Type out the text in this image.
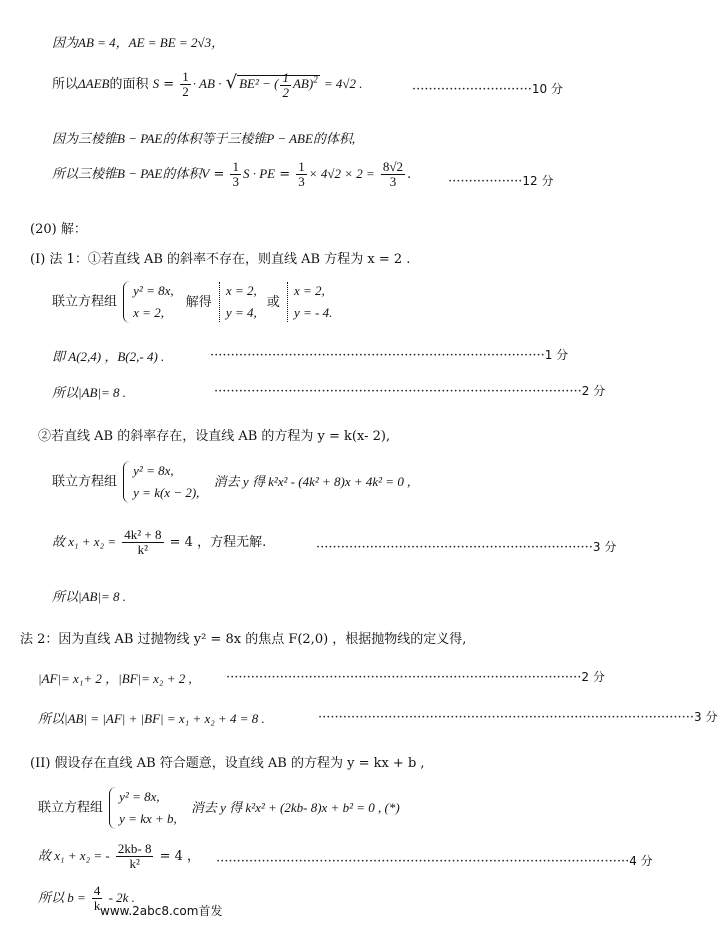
因为AB = 4，AE = BE = 2√3，
所以ΔAEB的面积 $S = \frac{1}{2}$ · AB · √ BE² − ( $\frac{1}{2} AB)^2 = 4√2$ .	·····························10 分
因为三棱锥B − PAE的体积等于三棱锥P − ABE的体积,
所以三棱锥B − PAE的体积$V = \frac{1}{3}$ S · PE = $\frac{1}{3} \times 4√2 \times 2 = \frac{8√2}{3}$ .	··················12 分
(20) 解：
(I) 法 1：①若直线 AB 的斜率不存在，则直线 AB 方程为 x = 2 .
联立方程组
y² = 8x,
x = 2,
解得
x = 2,
y = 4,
或
x = 2,
y = - 4.
即 A(2,4) ，B(2,- 4) .	·················································································1 分
所以|AB|= 8 .	·························································································2 分
②若直线 AB 的斜率存在，设直线 AB 的方程为 y = k(x- 2),
联立方程组
y² = 8x,
y = k(x − 2),
消去 y 得 k²x² - (4k² + 8)x + 4k² = 0 ,
故 $x_1 + x_2 = \frac{\text{4k² + 8}}{\text{k²}} = 4$ ，方程无解.	···································································3 分
所以|AB|= 8 .
法 2：因为直线 AB 过抛物线 y² = 8x 的焦点 F(2,0) ，根据抛物线的定义得,
|AF|= x₁+ 2 ，|BF|= x₂ + 2 ,	······················································································2 分
所以|AB| = |AF| + |BF| = x₁ + x₂ + 4 = 8 .	···························································································3 分
(II) 假设存在直线 AB 符合题意，设直线 AB 的方程为 y = kx + b ,
联立方程组
y² = 8x,
y = kx + b,
消去 y 得 k²x² + (2kb- 8)x + b² = 0 , (*)
故 x₁ + x₂ = - $\frac{2kb- 8}{\text{k²}} = 4$ ， ····································································································4 分
所以 $b = \frac{4}{k} - 2k$ .
www.2abc8.com首发
